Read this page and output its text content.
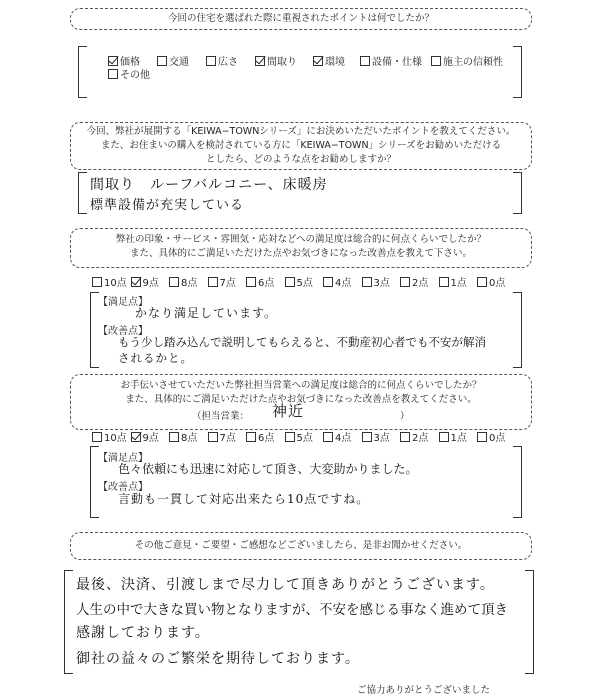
今回の住宅を選ばれた際に重視されたポイントは何でしたか？
価格	交通	広さ	間取り	環境	設備・仕様	施主の信頼性
その他
今回、弊社が展開する「KEIWA−TOWNシリーズ」にお決めいただいたポイントを教えてください。
また、お住まいの購入を検討されている方に「KEIWA−TOWN」シリーズをお勧めいただける
としたら、どのような点をお勧めしますか？
間取り　ルーフバルコニー、床暖房
標準設備が充実している
弊社の印象・サービス・雰囲気・応対などへの満足度は総合的に何点くらいでしたか？
また、具体的にご満足いただけた点やお気づきになった改善点を教えて下さい。
10点	9点	8点	7点	6点	5点	4点	3点	2点	1点	0点
【満足点】
かなり満足しています。
【改善点】
もう少し踏み込んで説明してもらえると、不動産初心者でも不安が解消
されるかと。
お手伝いさせていただいた弊社担当営業への満足度は総合的に何点くらいでしたか？
また、具体的にご満足いただけた点やお気づきになった改善点を教えてください。
（担当営業： 神近	）
10点	9点	8点	7点	6点	5点	4点	3点	2点	1点	0点
【満足点】
色々依頼にも迅速に対応して頂き、大変助かりました。
【改善点】
言動も一貫して対応出来たら10点ですね。
その他ご意見・ご要望・ご感想などございましたら、是非お聞かせください。
最後、決済、引渡しまで尽力して頂きありがとうございます。
人生の中で大きな買い物となりますが、不安を感じる事なく進めて頂き
感謝しております。
御社の益々のご繁栄を期待しております。
ご協力ありがとうございました
